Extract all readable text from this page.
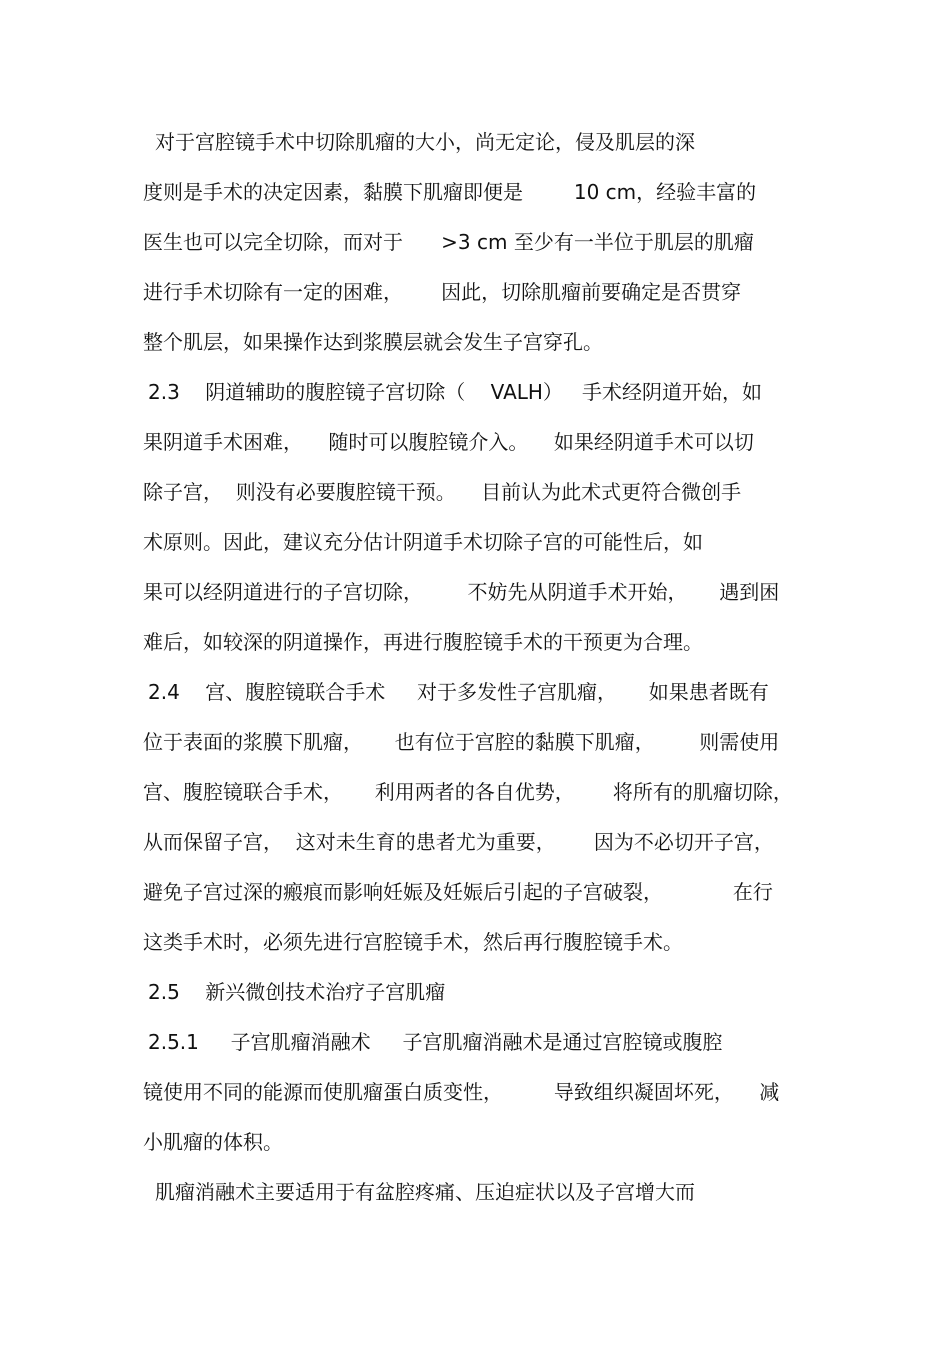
对于宫腔镜手术中切除肌瘤的大小，尚无定论，侵及肌层的深
度则是手术的决定因素，黏膜下肌瘤即便是        10 cm，经验丰富的
医生也可以完全切除，而对于      >3 cm 至少有一半位于肌层的肌瘤
进行手术切除有一定的困难，      因此，切除肌瘤前要确定是否贯穿
整个肌层，如果操作达到浆膜层就会发生子宫穿孔。
2.3    阴道辅助的腹腔镜子宫切除（    VALH）   手术经阴道开始，如
果阴道手术困难，    随时可以腹腔镜介入。    如果经阴道手术可以切
除子宫，  则没有必要腹腔镜干预。    目前认为此术式更符合微创手
术原则。因此，建议充分估计阴道手术切除子宫的可能性后，如
果可以经阴道进行的子宫切除，       不妨先从阴道手术开始，     遇到困
难后，如较深的阴道操作，再进行腹腔镜手术的干预更为合理。
2.4    宫、腹腔镜联合手术     对于多发性子宫肌瘤，     如果患者既有
位于表面的浆膜下肌瘤，     也有位于宫腔的黏膜下肌瘤，       则需使用
宫、腹腔镜联合手术，     利用两者的各自优势，      将所有的肌瘤切除，
从而保留子宫，  这对未生育的患者尤为重要，      因为不必切开子宫，
避免子宫过深的瘢痕而影响妊娠及妊娠后引起的子宫破裂，           在行
这类手术时，必须先进行宫腔镜手术，然后再行腹腔镜手术。
2.5    新兴微创技术治疗子宫肌瘤
2.5.1     子宫肌瘤消融术     子宫肌瘤消融术是通过宫腔镜或腹腔
镜使用不同的能源而使肌瘤蛋白质变性，        导致组织凝固坏死，    减
小肌瘤的体积。
肌瘤消融术主要适用于有盆腔疼痛、压迫症状以及子宫增大而
